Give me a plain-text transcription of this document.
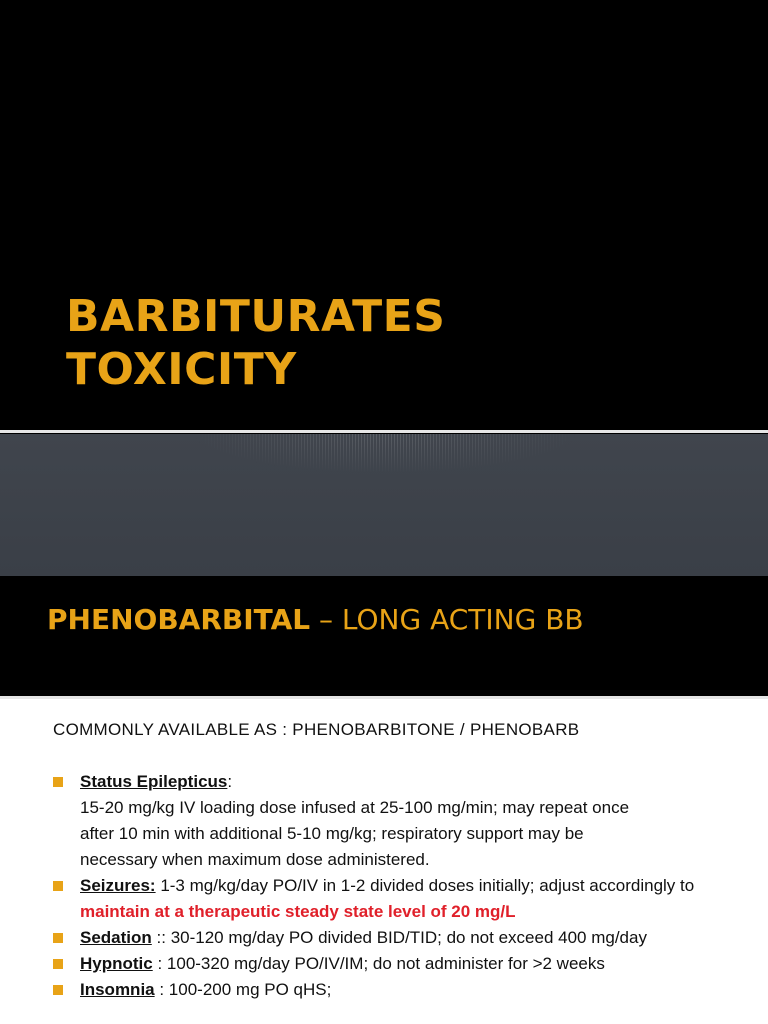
BARBITURATES
TOXICITY
PHENOBARBITAL – LONG ACTING BB
COMMONLY AVAILABLE AS : PHENOBARBITONE / PHENOBARB
Status Epilepticus:
15-20 mg/kg IV loading dose infused at 25-100 mg/min; may repeat once
after 10 min with additional 5-10 mg/kg; respiratory support may be
necessary when maximum dose administered.
Seizures: 1-3 mg/kg/day PO/IV in 1-2 divided doses initially; adjust accordingly to maintain at a therapeutic steady state level of 20 mg/L
Sedation :: 30-120 mg/day PO divided BID/TID; do not exceed 400 mg/day
Hypnotic : 100-320 mg/day PO/IV/IM; do not administer for >2 weeks
Insomnia : 100-200 mg PO qHS;
